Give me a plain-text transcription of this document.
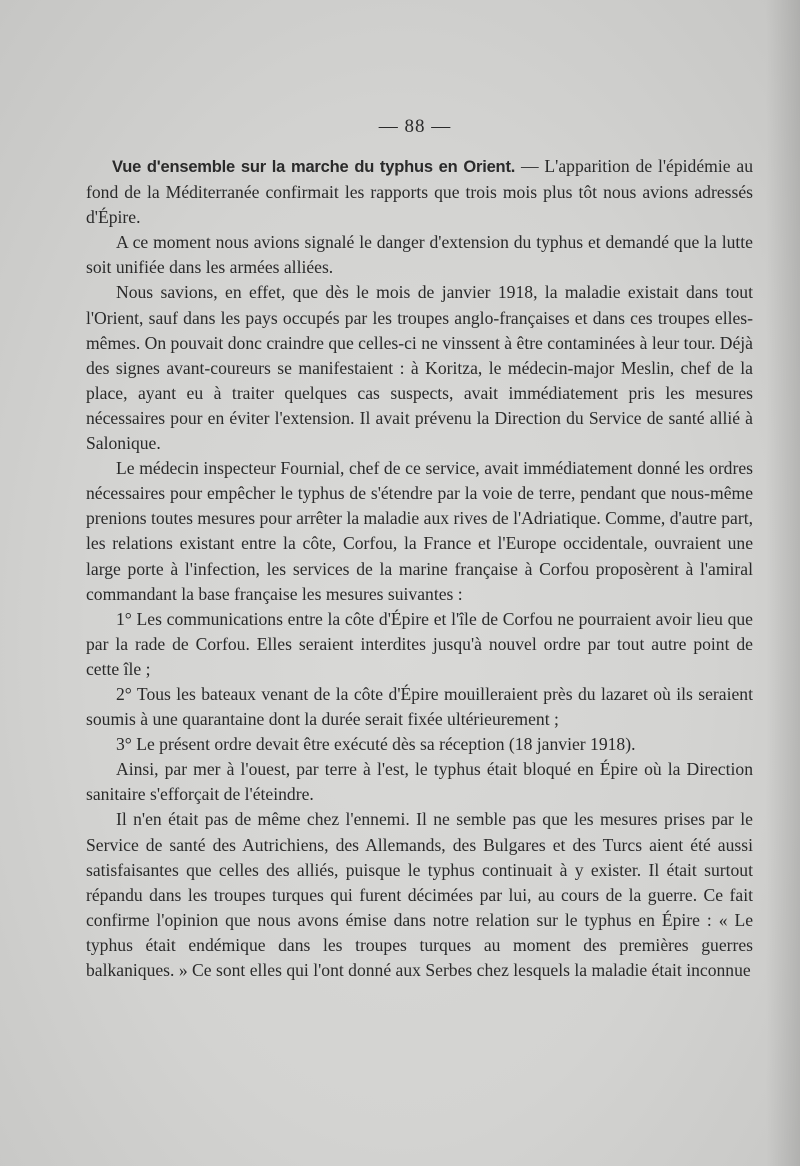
— 88 —

Vue d'ensemble sur la marche du typhus en Orient. — L'apparition de l'épidémie au fond de la Méditerranée confirmait les rapports que trois mois plus tôt nous avions adressés d'Épire.

A ce moment nous avions signalé le danger d'extension du typhus et demandé que la lutte soit unifiée dans les armées alliées.

Nous savions, en effet, que dès le mois de janvier 1918, la maladie existait dans tout l'Orient, sauf dans les pays occupés par les troupes anglo-françaises et dans ces troupes elles-mêmes. On pouvait donc craindre que celles-ci ne vinssent à être contaminées à leur tour. Déjà des signes avant-coureurs se manifestaient : à Koritza, le médecin-major Meslin, chef de la place, ayant eu à traiter quelques cas suspects, avait immédiatement pris les mesures nécessaires pour en éviter l'extension. Il avait prévenu la Direction du Service de santé allié à Salonique.

Le médecin inspecteur Fournial, chef de ce service, avait immédiatement donné les ordres nécessaires pour empêcher le typhus de s'étendre par la voie de terre, pendant que nous-même prenions toutes mesures pour arrêter la maladie aux rives de l'Adriatique. Comme, d'autre part, les relations existant entre la côte, Corfou, la France et l'Europe occidentale, ouvraient une large porte à l'infection, les services de la marine française à Corfou proposèrent à l'amiral commandant la base française les mesures suivantes :

1° Les communications entre la côte d'Épire et l'île de Corfou ne pourraient avoir lieu que par la rade de Corfou. Elles seraient interdites jusqu'à nouvel ordre par tout autre point de cette île ;

2° Tous les bateaux venant de la côte d'Épire mouilleraient près du lazaret où ils seraient soumis à une quarantaine dont la durée serait fixée ultérieurement ;

3° Le présent ordre devait être exécuté dès sa réception (18 janvier 1918).

Ainsi, par mer à l'ouest, par terre à l'est, le typhus était bloqué en Épire où la Direction sanitaire s'efforçait de l'éteindre.

Il n'en était pas de même chez l'ennemi. Il ne semble pas que les mesures prises par le Service de santé des Autrichiens, des Allemands, des Bulgares et des Turcs aient été aussi satisfaisantes que celles des alliés, puisque le typhus continuait à y exister. Il était surtout répandu dans les troupes turques qui furent décimées par lui, au cours de la guerre. Ce fait confirme l'opinion que nous avons émise dans notre relation sur le typhus en Épire : « Le typhus était endémique dans les troupes turques au moment des premières guerres balkaniques. » Ce sont elles qui l'ont donné aux Serbes chez lesquels la maladie était inconnue
